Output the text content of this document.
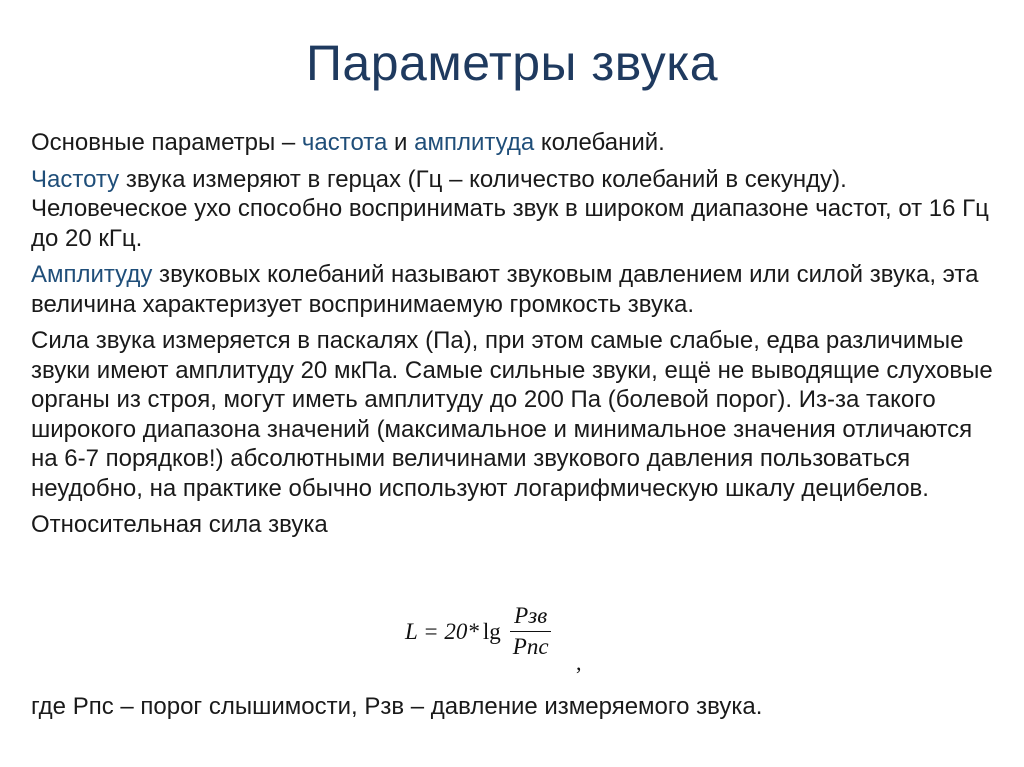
Параметры звука

Основные параметры – частота и амплитуда колебаний.

Частоту звука измеряют в герцах (Гц – количество колебаний в секунду). Человеческое ухо способно воспринимать звук в широком диапазоне частот, от 16 Гц до 20 кГц.

Амплитуду звуковых колебаний называют звуковым давлением или силой звука, эта величина характеризует воспринимаемую громкость звука.

Сила звука измеряется в паскалях (Па), при этом самые слабые, едва различимые звуки имеют амплитуду 20 мкПа. Самые сильные звуки, ещё не выводящие слуховые органы из строя, могут иметь амплитуду до 200 Па (болевой порог). Из-за такого широкого диапазона значений (максимальное и минимальное значения отличаются на 6-7 порядков!) абсолютными величинами звукового давления пользоваться неудобно, на практике обычно используют логарифмическую шкалу децибелов.

Относительная сила звука

L = 20* $\lg \frac{\text{Pзв}}{\text{Pпс}}$
,
где Рпс – порог слышимости, Рзв – давление измеряемого звука.
